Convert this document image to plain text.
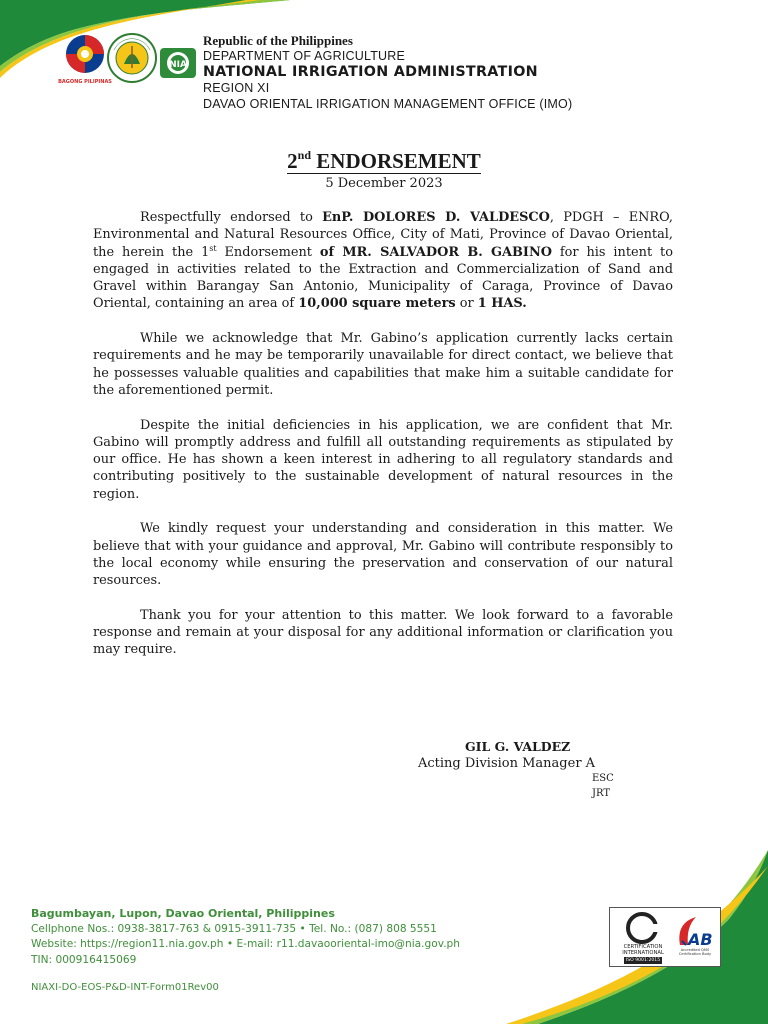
BAGONG PILIPINAS
NIA
Republic of the Philippines
DEPARTMENT OF AGRICULTURE
NATIONAL IRRIGATION ADMINISTRATION
REGION XI
DAVAO ORIENTAL IRRIGATION MANAGEMENT OFFICE (IMO)
2nd ENDORSEMENT
5 December 2023

Respectfully endorsed to EnP. DOLORES D. VALDESCO, PDGH – ENRO, Environmental and Natural Resources Office, City of Mati, Province of Davao Oriental, the herein the 1st Endorsement of MR. SALVADOR B. GABINO for his intent to engaged in activities related to the Extraction and Commercialization of Sand and Gravel within Barangay San Antonio, Municipality of Caraga, Province of Davao Oriental, containing an area of 10,000 square meters or 1 HAS.

While we acknowledge that Mr. Gabino’s application currently lacks certain requirements and he may be temporarily unavailable for direct contact, we believe that he possesses valuable qualities and capabilities that make him a suitable candidate for the aforementioned permit.

Despite the initial deficiencies in his application, we are confident that Mr. Gabino will promptly address and fulfill all outstanding requirements as stipulated by our office. He has shown a keen interest in adhering to all regulatory standards and contributing positively to the sustainable development of natural resources in the region.

We kindly request your understanding and consideration in this matter. We believe that with your guidance and approval, Mr. Gabino will contribute responsibly to the local economy while ensuring the preservation and conservation of our natural resources.

Thank you for your attention to this matter. We look forward to a favorable response and remain at your disposal for any additional information or clarification you may require.

GIL G. VALDEZ
Acting Division Manager A
ESC
JRT
Bagumbayan, Lupon, Davao Oriental, Philippines
Cellphone Nos.: 0938-3817-763 & 0915-3911-735 • Tel. No.: (087) 808 5551
Website: https://region11.nia.gov.ph • E-mail: r11.davaooriental-imo@nia.gov.ph
TIN: 000916415069
NIAXI-DO-EOS-P&D-INT-Form01Rev00
CERTIFICATION INTERNATIONAL
ISO 9001:2015
AB
Accredited QMS Certification Body
